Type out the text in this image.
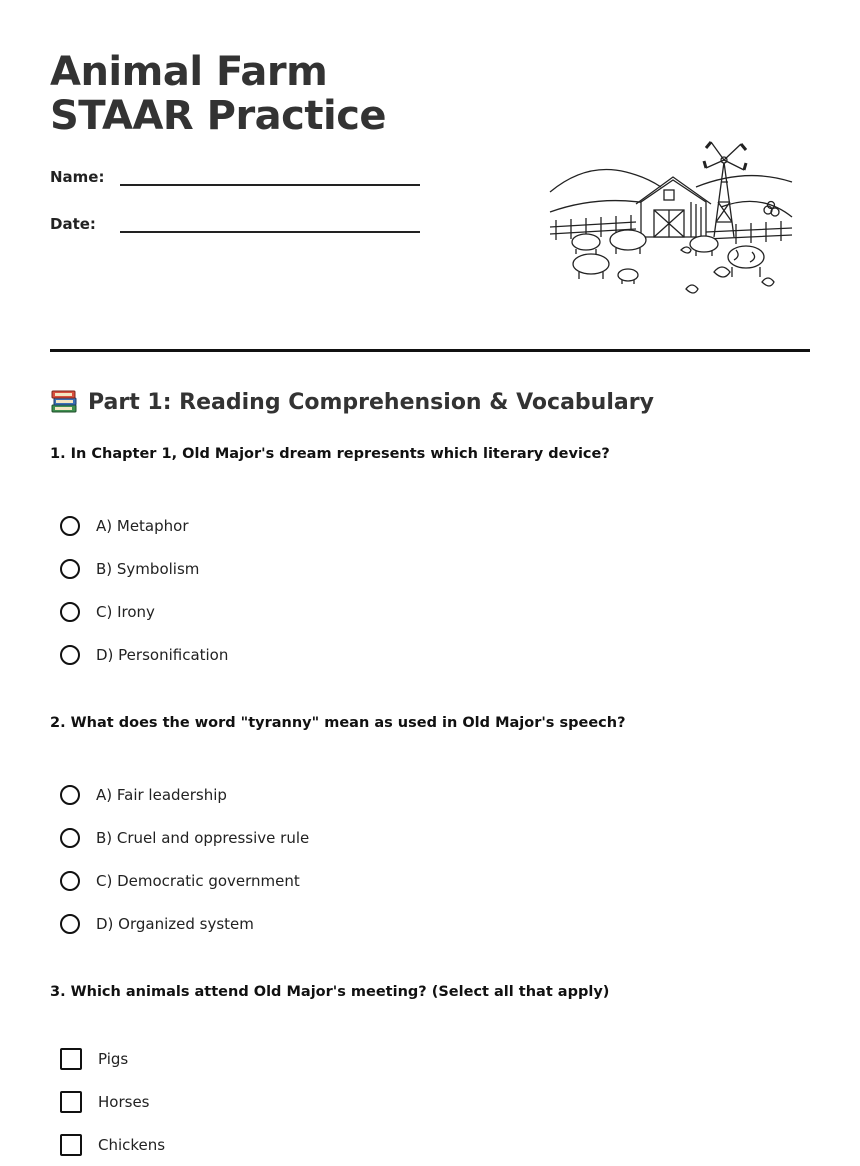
Animal Farm STAAR Practice
Name:
Date:
Part 1: Reading Comprehension & Vocabulary
1. In Chapter 1, Old Major's dream represents which literary device?
A) Metaphor
B) Symbolism
C) Irony
D) Personification
2. What does the word "tyranny" mean as used in Old Major's speech?
A) Fair leadership
B) Cruel and oppressive rule
C) Democratic government
D) Organized system
3. Which animals attend Old Major's meeting? (Select all that apply)
Pigs
Horses
Chickens
